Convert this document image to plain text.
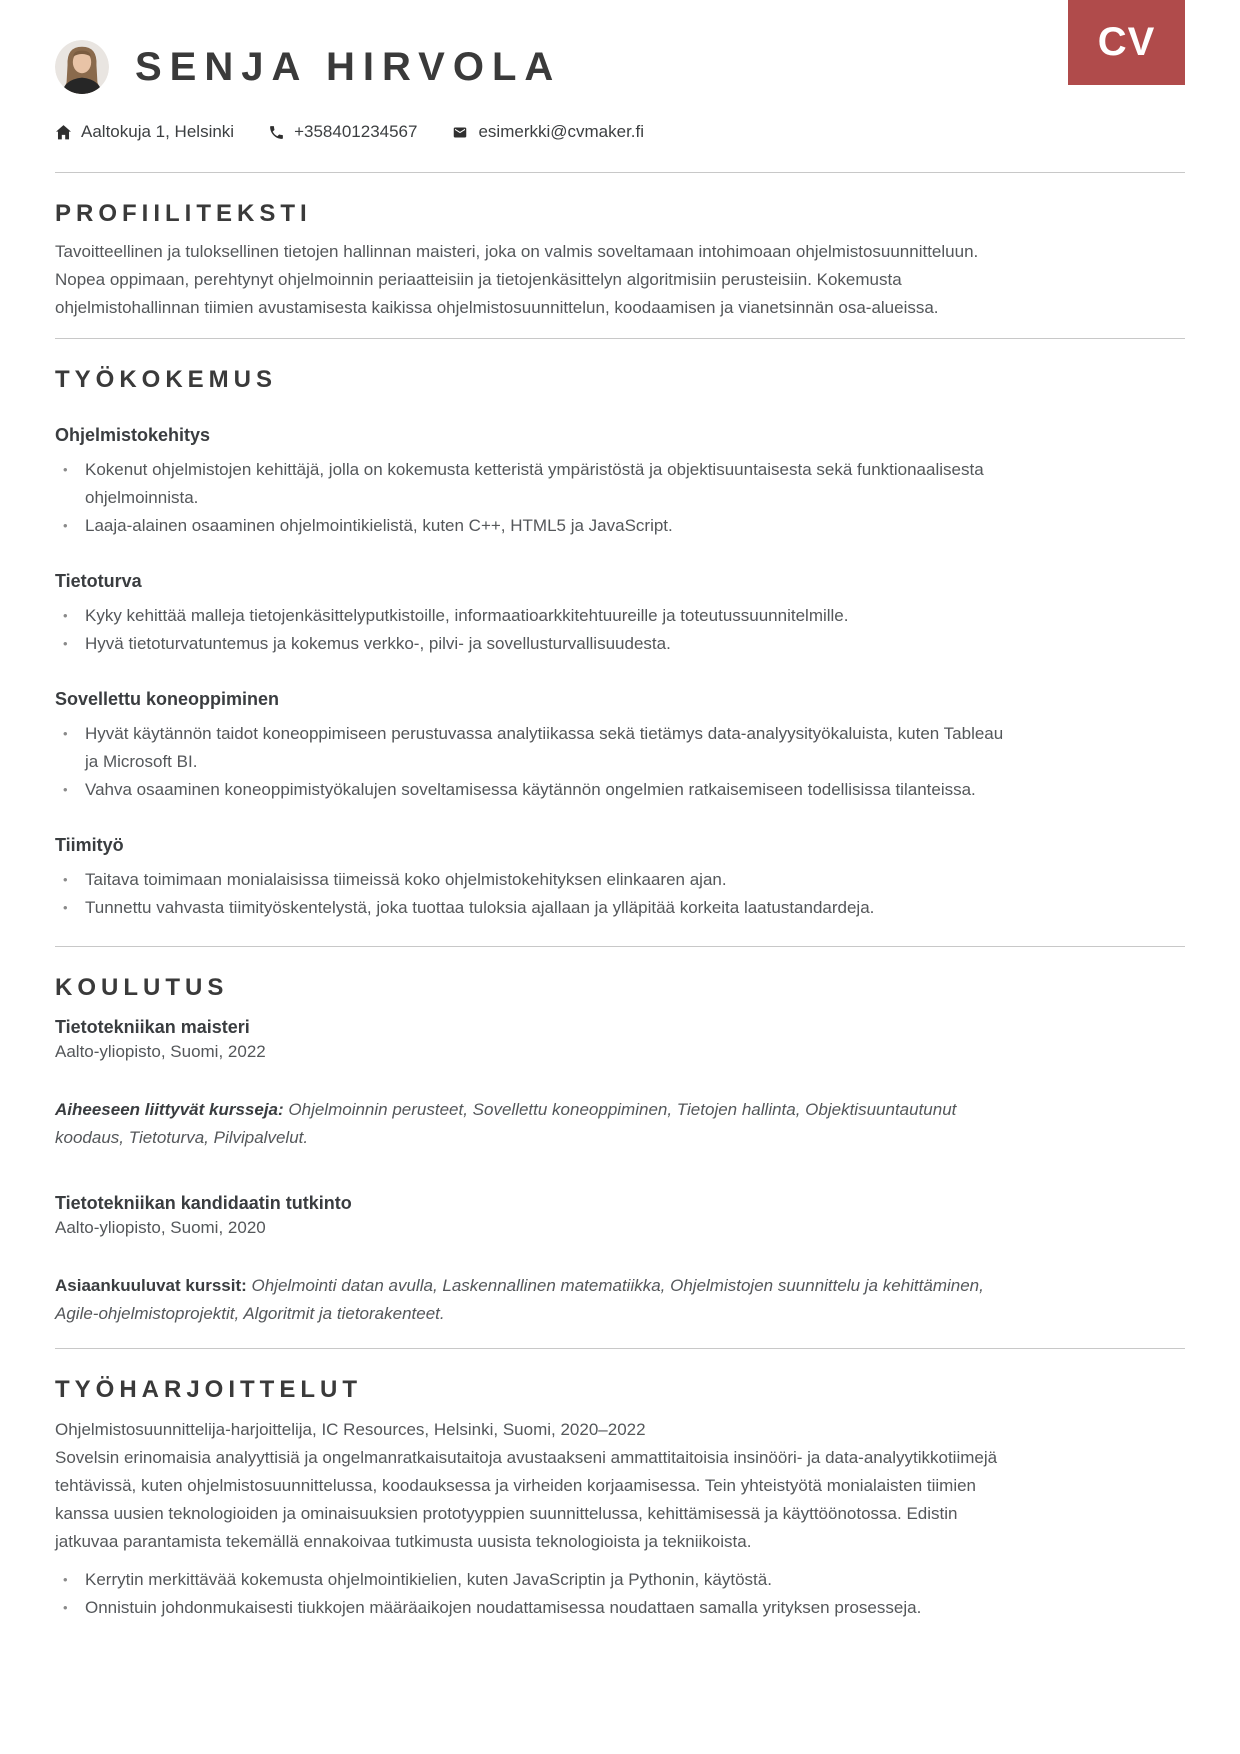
CV
SENJA HIRVOLA
Aaltokuja 1, Helsinki	+358401234567	esimerkki@cvmaker.fi
PROFIILITEKSTI

Tavoitteellinen ja tuloksellinen tietojen hallinnan maisteri, joka on valmis soveltamaan intohimoaan ohjelmistosuunnitteluun. Nopea oppimaan, perehtynyt ohjelmoinnin periaatteisiin ja tietojenkäsittelyn algoritmisiin perusteisiin. Kokemusta ohjelmistohallinnan tiimien avustamisesta kaikissa ohjelmistosuunnittelun, koodaamisen ja vianetsinnän osa-alueissa.

TYÖKOKEMUS
Ohjelmistokehitys
•
Kokenut ohjelmistojen kehittäjä, jolla on kokemusta ketteristä ympäristöstä ja objektisuuntaisesta sekä funktionaalisesta ohjelmoinnista.
•
Laaja-alainen osaaminen ohjelmointikielistä, kuten C++, HTML5 ja JavaScript.
Tietoturva
•
Kyky kehittää malleja tietojenkäsittelyputkistoille, informaatioarkkitehtuureille ja toteutussuunnitelmille.
•
Hyvä tietoturvatuntemus ja kokemus verkko-, pilvi- ja sovellusturvallisuudesta.
Sovellettu koneoppiminen
•
Hyvät käytännön taidot koneoppimiseen perustuvassa analytiikassa sekä tietämys data-analyysityökaluista, kuten Tableau ja Microsoft BI.
•
Vahva osaaminen koneoppimistyökalujen soveltamisessa käytännön ongelmien ratkaisemiseen todellisissa tilanteissa.
Tiimityö
•
Taitava toimimaan monialaisissa tiimeissä koko ohjelmistokehityksen elinkaaren ajan.
•
Tunnettu vahvasta tiimityöskentelystä, joka tuottaa tuloksia ajallaan ja ylläpitää korkeita laatustandardeja.
KOULUTUS
Tietotekniikan maisteri

Aalto-yliopisto, Suomi, 2022

Aiheeseen liittyvät kursseja: Ohjelmoinnin perusteet, Sovellettu koneoppiminen, Tietojen hallinta, Objektisuuntautunut koodaus, Tietoturva, Pilvipalvelut.

Tietotekniikan kandidaatin tutkinto

Aalto-yliopisto, Suomi, 2020

Asiaankuuluvat kurssit: Ohjelmointi datan avulla, Laskennallinen matematiikka, Ohjelmistojen suunnittelu ja kehittäminen, Agile-ohjelmistoprojektit, Algoritmit ja tietorakenteet.

TYÖHARJOITTELUT

Ohjelmistosuunnittelija-harjoittelija, IC Resources, Helsinki, Suomi, 2020–2022

Sovelsin erinomaisia analyyttisiä ja ongelmanratkaisutaitoja avustaakseni ammattitaitoisia insinööri- ja data-analyytikkotiimejä tehtävissä, kuten ohjelmistosuunnittelussa, koodauksessa ja virheiden korjaamisessa. Tein yhteistyötä monialaisten tiimien kanssa uusien teknologioiden ja ominaisuuksien prototyyppien suunnittelussa, kehittämisessä ja käyttöönotossa. Edistin jatkuvaa parantamista tekemällä ennakoivaa tutkimusta uusista teknologioista ja tekniikoista.

•
Kerrytin merkittävää kokemusta ohjelmointikielien, kuten JavaScriptin ja Pythonin, käytöstä.
•
Onnistuin johdonmukaisesti tiukkojen määräaikojen noudattamisessa noudattaen samalla yrityksen prosesseja.
